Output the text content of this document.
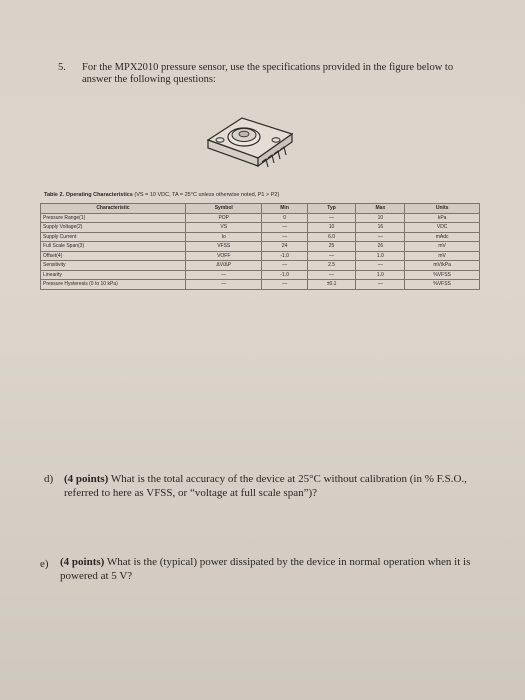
5. For the MPX2010 pressure sensor, use the specifications provided in the figure below to answer the following questions:
Table 2. Operating Characteristics (VS = 10 VDC, TA = 25°C unless otherwise noted, P1 > P2)
Characteristic	Symbol	Min	Typ	Max	Units
Pressure Range(1)	POP	0	—	10	kPa
Supply Voltage(2)	VS	—	10	16	VDC
Supply Current	Io	—	6.0	—	mAdc
Full Scale Span(3)	VFSS	24	25	26	mV
Offset(4)	VOFF	-1.0	—	1.0	mV
Sensitivity	ΔV/ΔP	—	2.5	—	mV/kPa
Linearity	—	-1.0	—	1.0	%VFSS
Pressure Hysteresis (0 to 10 kPa)	—	—	±0.1	—	%VFSS
d) (4 points) What is the total accuracy of the device at 25°C without calibration (in % F.S.O., referred to here as VFSS, or “voltage at full scale span”)?
e) (4 points) What is the (typical) power dissipated by the device in normal operation when it is powered at 5 V?
